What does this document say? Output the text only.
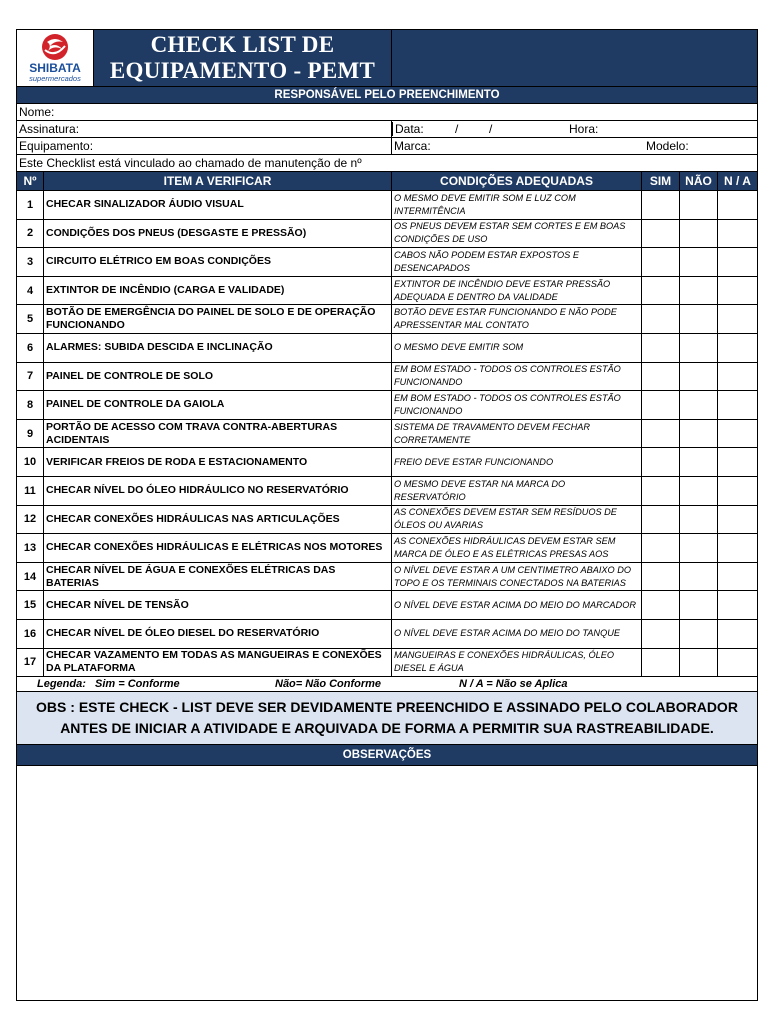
SHIBATA
supermercados
CHECK LIST DE EQUIPAMENTO - PEMT					

RESPONSÁVEL PELO PREENCHIMENTO					
Nome:					
Assinatura:		Data: / / Hora:			

Equipamento:		Marca: Modelo:			

Este Checklist está vinculado ao chamado de manutenção de nº					
Nº	ITEM A VERIFICAR	CONDIÇÕES ADEQUADAS	SIM	NÃO	N / A
1	CHECAR SINALIZADOR ÁUDIO VISUAL	O MESMO DEVE EMITIR SOM E LUZ COM INTERMITÊNCIA			
2	CONDIÇÕES DOS PNEUS (DESGASTE E PRESSÃO)	OS PNEUS DEVEM ESTAR SEM CORTES E EM BOAS CONDIÇÕES DE USO			
3	CIRCUITO ELÉTRICO EM BOAS CONDIÇÕES	CABOS NÃO PODEM ESTAR EXPOSTOS E DESENCAPADOS			
4	EXTINTOR DE INCÊNDIO (CARGA E VALIDADE)	EXTINTOR DE INCÊNDIO DEVE ESTAR PRESSÃO ADEQUADA E DENTRO DA VALIDADE			
5	BOTÃO DE EMERGÊNCIA DO PAINEL DE SOLO E DE OPERAÇÃO FUNCIONANDO	BOTÃO DEVE ESTAR FUNCIONANDO E NÃO PODE APRESSENTAR MAL CONTATO			
6	ALARMES: SUBIDA DESCIDA E INCLINAÇÃO	O MESMO DEVE EMITIR SOM			
7	PAINEL DE CONTROLE DE SOLO	EM BOM ESTADO - TODOS OS CONTROLES ESTÃO FUNCIONANDO			
8	PAINEL DE CONTROLE DA GAIOLA	EM BOM ESTADO - TODOS OS CONTROLES ESTÃO FUNCIONANDO			
9	PORTÃO DE ACESSO COM TRAVA CONTRA-ABERTURAS ACIDENTAIS	SISTEMA DE TRAVAMENTO DEVEM FECHAR CORRETAMENTE			
10	VERIFICAR FREIOS DE RODA E ESTACIONAMENTO	FREIO DEVE ESTAR FUNCIONANDO			
11	CHECAR NÍVEL DO ÓLEO HIDRÁULICO NO RESERVATÓRIO	O MESMO DEVE ESTAR NA MARCA DO RESERVATÓRIO			
12	CHECAR CONEXÕES HIDRÁULICAS NAS ARTICULAÇÕES	AS CONEXÕES DEVEM ESTAR SEM RESÍDUOS DE ÓLEOS OU AVARIAS			
13	CHECAR CONEXÕES HIDRÁULICAS E ELÉTRICAS NOS MOTORES	AS CONEXÕES HIDRÁULICAS DEVEM ESTAR SEM MARCA DE ÓLEO E AS ELÉTRICAS PRESAS AOS			
14	CHECAR NÍVEL DE ÁGUA E CONEXÕES ELÉTRICAS DAS BATERIAS	O NÍVEL DEVE ESTAR A UM CENTIMETRO ABAIXO DO TOPO E OS TERMINAIS CONECTADOS NA BATERIAS			
15	CHECAR NÍVEL DE TENSÃO	O NÍVEL DEVE ESTAR ACIMA DO MEIO DO MARCADOR			
16	CHECAR NÍVEL DE ÓLEO DIESEL DO RESERVATÓRIO	O NÍVEL DEVE ESTAR ACIMA DO MEIO DO TANQUE			
17	CHECAR VAZAMENTO EM TODAS AS MANGUEIRAS E CONEXÕES DA PLATAFORMA	MANGUEIRAS E CONEXÕES HIDRÁULICAS, ÓLEO DIESEL E ÁGUA			

Legenda: Sim = Conforme Não= Não Conforme N / A = Não se Aplica					

OBS : ESTE CHECK - LIST DEVE SER DEVIDAMENTE PREENCHIDO E ASSINADO PELO COLABORADOR ANTES DE INICIAR A ATIVIDADE E ARQUIVADA DE FORMA A PERMITIR SUA RASTREABILIDADE.					
OBSERVAÇÕES					
